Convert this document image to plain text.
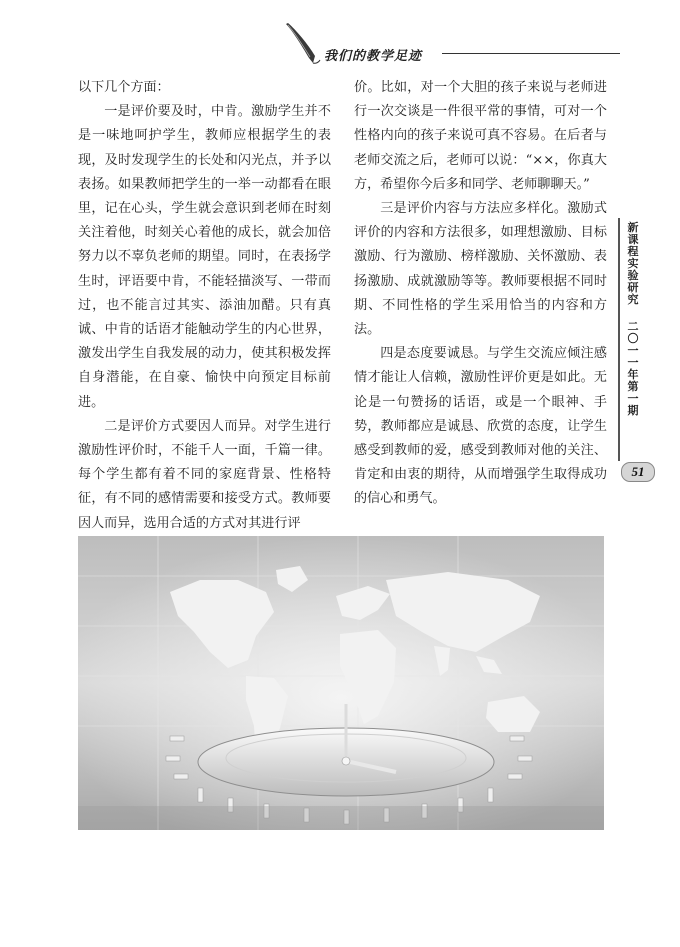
我们的教学足迹

以下几个方面：

一是评价要及时，中肯。激励学生并不是一味地呵护学生，教师应根据学生的表现，及时发现学生的长处和闪光点，并予以表扬。如果教师把学生的一举一动都看在眼里，记在心头，学生就会意识到老师在时刻关注着他，时刻关心着他的成长，就会加倍努力以不辜负老师的期望。同时，在表扬学生时，评语要中肯，不能轻描淡写、一带而过，也不能言过其实、添油加醋。只有真诚、中肯的话语才能触动学生的内心世界，激发出学生自我发展的动力，使其积极发挥自身潜能，在自豪、愉快中向预定目标前进。

二是评价方式要因人而异。对学生进行激励性评价时，不能千人一面，千篇一律。每个学生都有着不同的家庭背景、性格特征，有不同的感情需要和接受方式。教师要因人而异，选用合适的方式对其进行评

价。比如，对一个大胆的孩子来说与老师进行一次交谈是一件很平常的事情，可对一个性格内向的孩子来说可真不容易。在后者与老师交流之后，老师可以说：“××，你真大方，希望你今后多和同学、老师聊聊天。”

三是评价内容与方法应多样化。激励式评价的内容和方法很多，如理想激励、目标激励、行为激励、榜样激励、关怀激励、表扬激励、成就激励等等。教师要根据不同时期、不同性格的学生采用恰当的内容和方法。

四是态度要诚恳。与学生交流应倾注感情才能让人信赖，激励性评价更是如此。无论是一句赞扬的话语，或是一个眼神、手势，教师都应是诚恳、欣赏的态度，让学生感受到教师的爱，感受到教师对他的关注、肯定和由衷的期待，从而增强学生取得成功的信心和勇气。

新课程实验研究
二〇一一年 第一期
51
